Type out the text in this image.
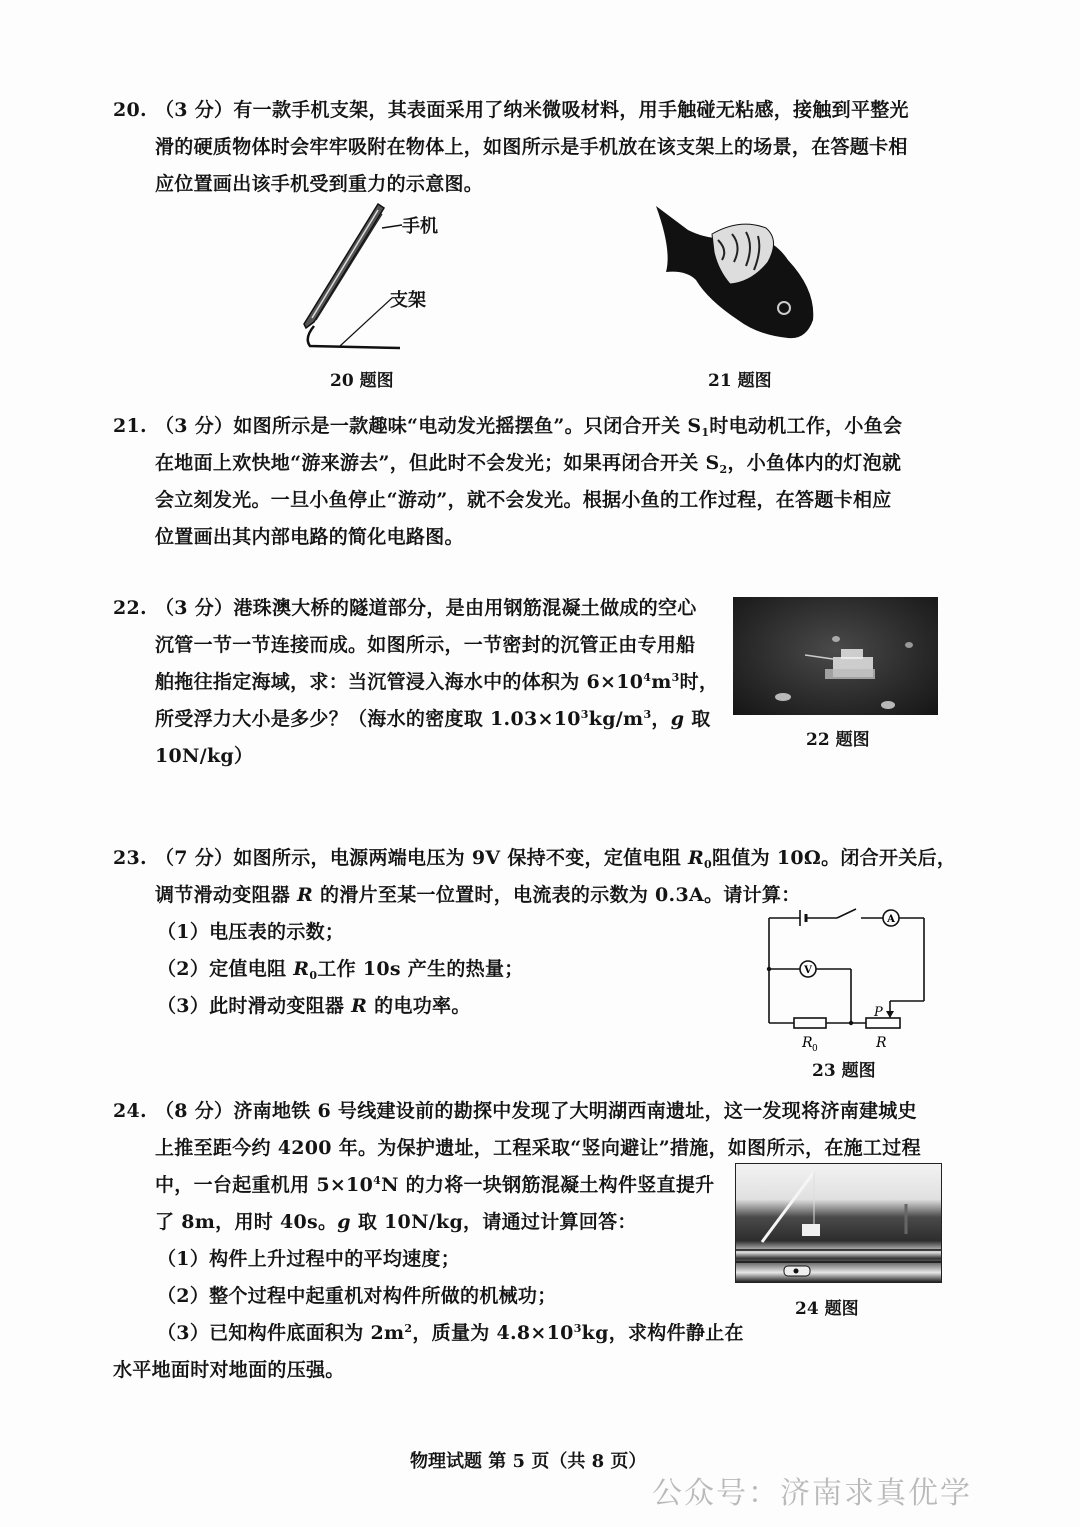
20. （3 分）有一款手机支架，其表面采用了纳米微吸材料，用手触碰无粘感，接触到平整光
滑的硬质物体时会牢牢吸附在物体上，如图所示是手机放在该支架上的场景，在答题卡相
应位置画出该手机受到重力的示意图。
手机
支架
20 题图	21 题图
21. （3 分）如图所示是一款趣味“电动发光摇摆鱼”。只闭合开关 $S_1$时电动机工作，小鱼会
在地面上欢快地“游来游去”，但此时不会发光；如果再闭合开关 $S_2$，小鱼体内的灯泡就
会立刻发光。一旦小鱼停止“游动”，就不会发光。根据小鱼的工作过程，在答题卡相应
位置画出其内部电路的简化电路图。
22. （3 分）港珠澳大桥的隧道部分，是由用钢筋混凝土做成的空心
沉管一节一节连接而成。如图所示，一节密封的沉管正由专用船
舶拖往指定海域，求：当沉管浸入海水中的体积为 $6\times 10^4m^3$时，
所受浮力大小是多少？（海水的密度取 $1.03\times 10^3kg/m^3$，g 取
10N/kg）
22 题图
23. （7 分）如图所示，电源两端电压为 9V 保持不变，定值电阻 $R_0$阻值为 10Ω。闭合开关后，
调节滑动变阻器 R 的滑片至某一位置时，电流表的示数为 0.3A。请计算：
（1）电压表的示数；
（2）定值电阻 $R_0$工作 10s 产生的热量；
（3）此时滑动变阻器 R 的电功率。
A
V
P
R 0	R
23 题图
24. （8 分）济南地铁 6 号线建设前的勘探中发现了大明湖西南遗址，这一发现将济南建城史
上推至距今约 4200 年。为保护遗址，工程采取“竖向避让”措施，如图所示，在施工过程
中，一台起重机用 $5\times 10^4N$ 的力将一块钢筋混凝土构件竖直提升
了 8m，用时 40s。g 取 10N/kg，请通过计算回答：
（1）构件上升过程中的平均速度；
（2）整个过程中起重机对构件所做的机械功；
（3）已知构件底面积为 $2m^2$，质量为 $4.8\times 10^3kg$，求构件静止在
水平地面时对地面的压强。
24 题图
物理试题 第 5 页（共 8 页）
公众号：济南求真优学
